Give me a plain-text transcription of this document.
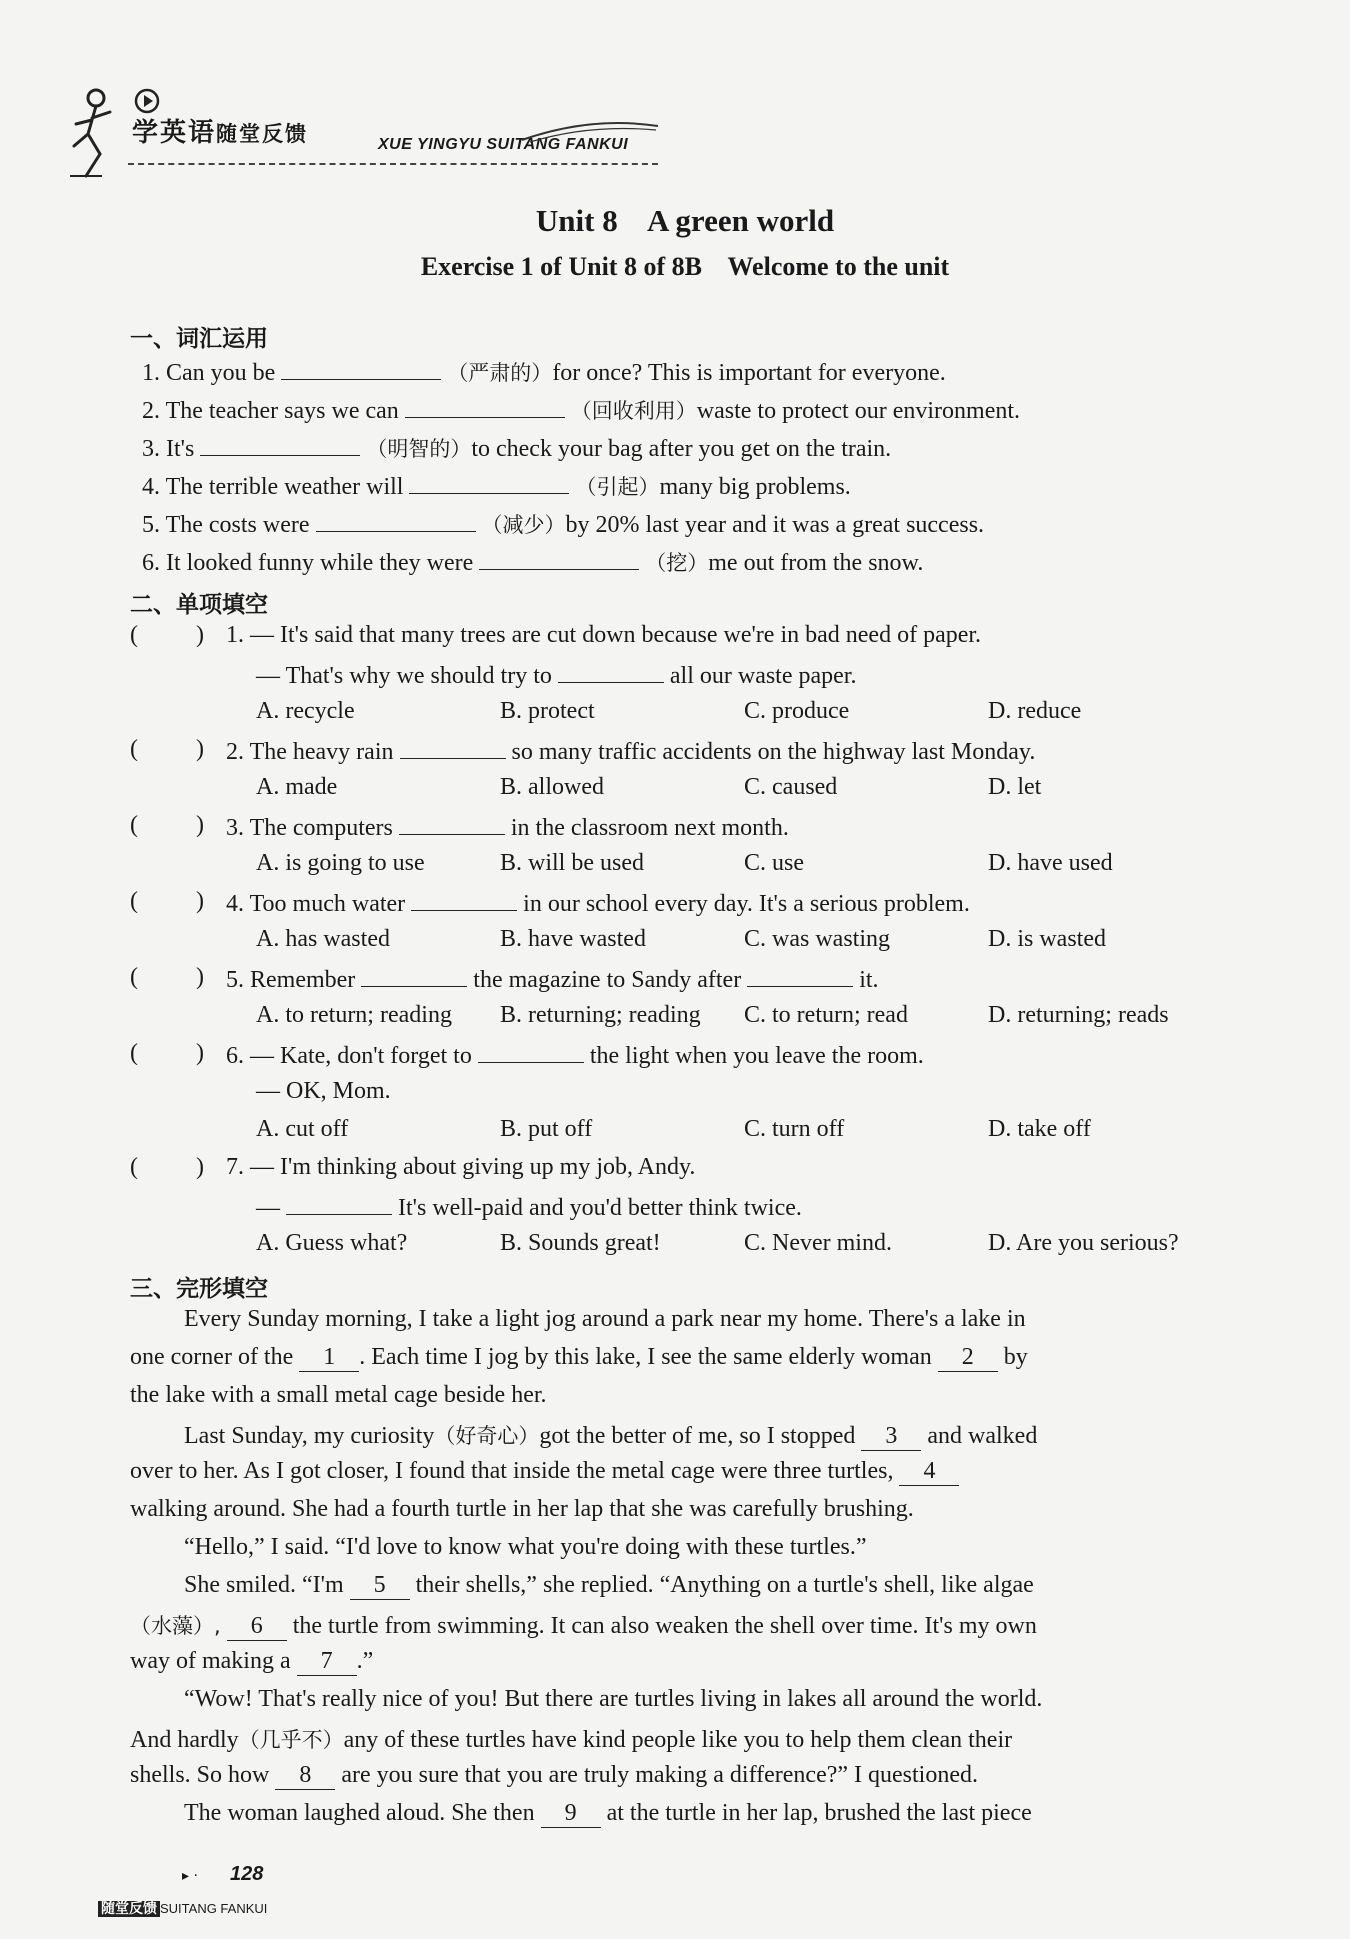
学英语随堂反馈	XUE YINGYU SUITANG FANKUI
Unit 8    A green world
Exercise 1 of Unit 8 of 8B    Welcome to the unit
一、词汇运用
1. Can you be	（严肃的）for once? This is important for everyone.
2. The teacher says we can	（回收利用）waste to protect our environment.
3. It's	（明智的）to check your bag after you get on the train.
4. The terrible weather will	（引起）many big problems.
5. The costs were	（减少）by 20% last year and it was a great success.
6. It looked funny while they were	（挖）me out from the snow.
二、单项填空
( ) 1. — It's said that many trees are cut down because we're in bad need of paper.
— That's why we should try to	all our waste paper.
A. recycle	B. protect	C. produce	D. reduce
( ) 2. The heavy rain	so many traffic accidents on the highway last Monday.
A. made	B. allowed	C. caused	D. let
( ) 3. The computers	in the classroom next month.
A. is going to use	B. will be used	C. use	D. have used
( ) 4. Too much water	in our school every day. It's a serious problem.
A. has wasted	B. have wasted	C. was wasting	D. is wasted
( ) 5. Remember	the magazine to Sandy after	it.
A. to return; reading B. returning; reading C. to return; read	D. returning; reads
( ) 6. — Kate, don't forget to	the light when you leave the room.
— OK, Mom.
A. cut off	B. put off	C. turn off	D. take off
( ) 7. — I'm thinking about giving up my job, Andy.
—	It's well-paid and you'd better think twice.
A. Guess what?	B. Sounds great!	C. Never mind.	D. Are you serious?
三、完形填空
Every Sunday morning, I take a light jog around a park near my home. There's a lake in
one corner of the 1 . Each time I jog by this lake, I see the same elderly woman 2 by
the lake with a small metal cage beside her.
Last Sunday, my curiosity（好奇心）got the better of me, so I stopped 3 and walked
over to her. As I got closer, I found that inside the metal cage were three turtles, 4
walking around. She had a fourth turtle in her lap that she was carefully brushing.
“Hello,” I said. “I'd love to know what you're doing with these turtles.”
She smiled. “I'm 5 their shells,” she replied. “Anything on a turtle's shell, like algae
（水藻）, 6 the turtle from swimming. It can also weaken the shell over time. It's my own
way of making a 7 .”
“Wow! That's really nice of you! But there are turtles living in lakes all around the world.
And hardly（几乎不）any of these turtles have kind people like you to help them clean their
shells. So how 8 are you sure that you are truly making a difference?” I questioned.
The woman laughed aloud. She then 9 at the turtle in her lap, brushed the last piece
▸ · 128
随堂反馈 SUITANG FANKUI
